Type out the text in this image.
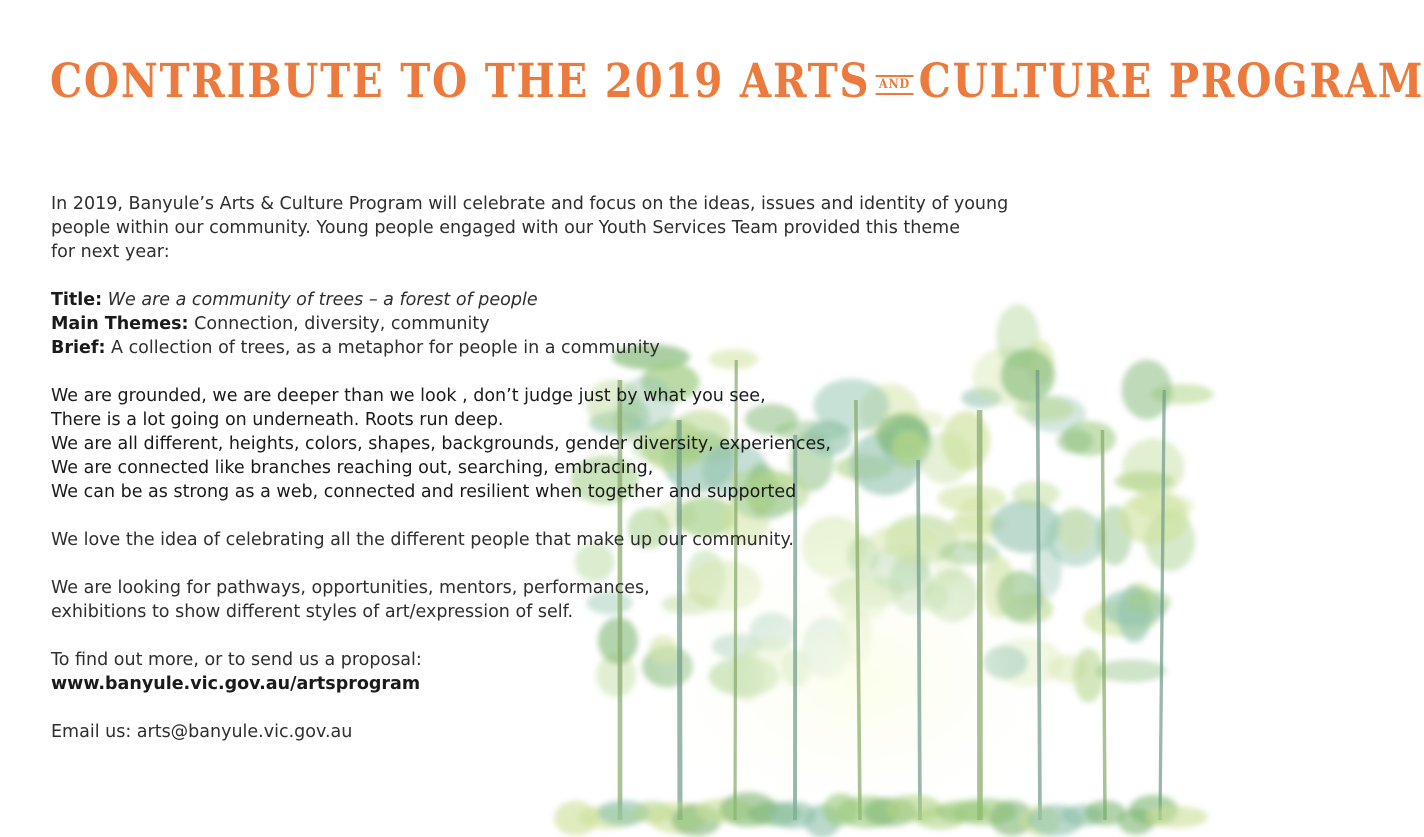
CONTRIBUTE TO THE 2019 ARTS AND CULTURE PROGRAM

In 2019, Banyule’s Arts & Culture Program will celebrate and focus on the ideas, issues and identity of young

people within our community. Young people engaged with our Youth Services Team provided this theme

for next year:

Title: We are a community of trees – a forest of people

Main Themes: Connection, diversity, community

Brief: A collection of trees, as a metaphor for people in a community

We are grounded, we are deeper than we look , don’t judge just by what you see,

There is a lot going on underneath. Roots run deep.

We are all different, heights, colors, shapes, backgrounds, gender diversity, experiences,

We are connected like branches reaching out, searching, embracing,

We can be as strong as a web, connected and resilient when together and supported

We love the idea of celebrating all the different people that make up our community.

We are looking for pathways, opportunities, mentors, performances,

exhibitions to show different styles of art/expression of self.

To find out more, or to send us a proposal:

www.banyule.vic.gov.au/artsprogram

Email us: arts@banyule.vic.gov.au
